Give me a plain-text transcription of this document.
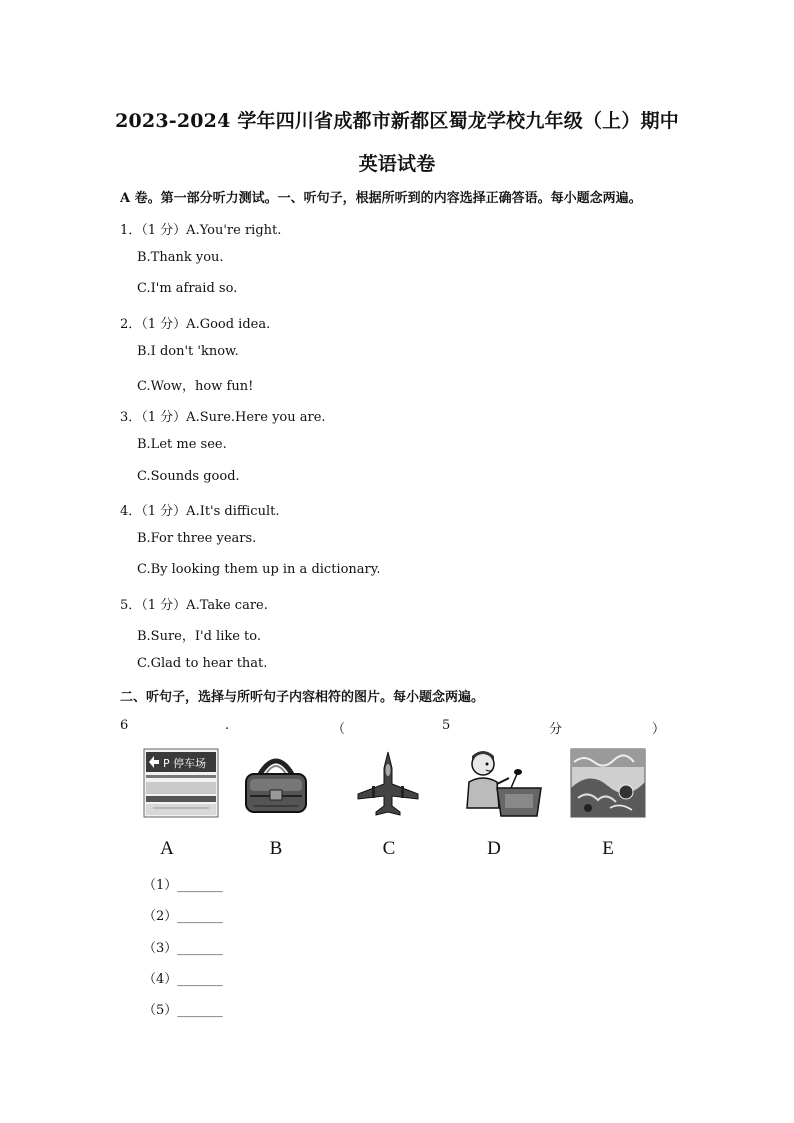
2023-2024 学年四川省成都市新都区蜀龙学校九年级（上）期中
英语试卷
A 卷。第一部分听力测试。一、听句子，根据所听到的内容选择正确答语。每小题念两遍。
1．（1 分）A.You're right.
B.Thank you.
C.I'm afraid so.
2．（1 分）A.Good idea.
B.I don't 'know.
C.Wow，how fun!
3．（1 分）A.Sure.Here you are.
B.Let me see.
C.Sounds good.
4．（1 分）A.It's difficult.
B.For three years.
C.By looking them up in a dictionary.
5．（1 分）A.Take care.
B.Sure，I'd like to.
C.Glad to hear that.
二、听句子，选择与所听句子内容相符的图片。每小题念两遍。
6	.	（	5	分	）
P 停车场
A	B	C	D	E
（1）_______
（2）_______
（3）_______
（4）_______
（5）_______
